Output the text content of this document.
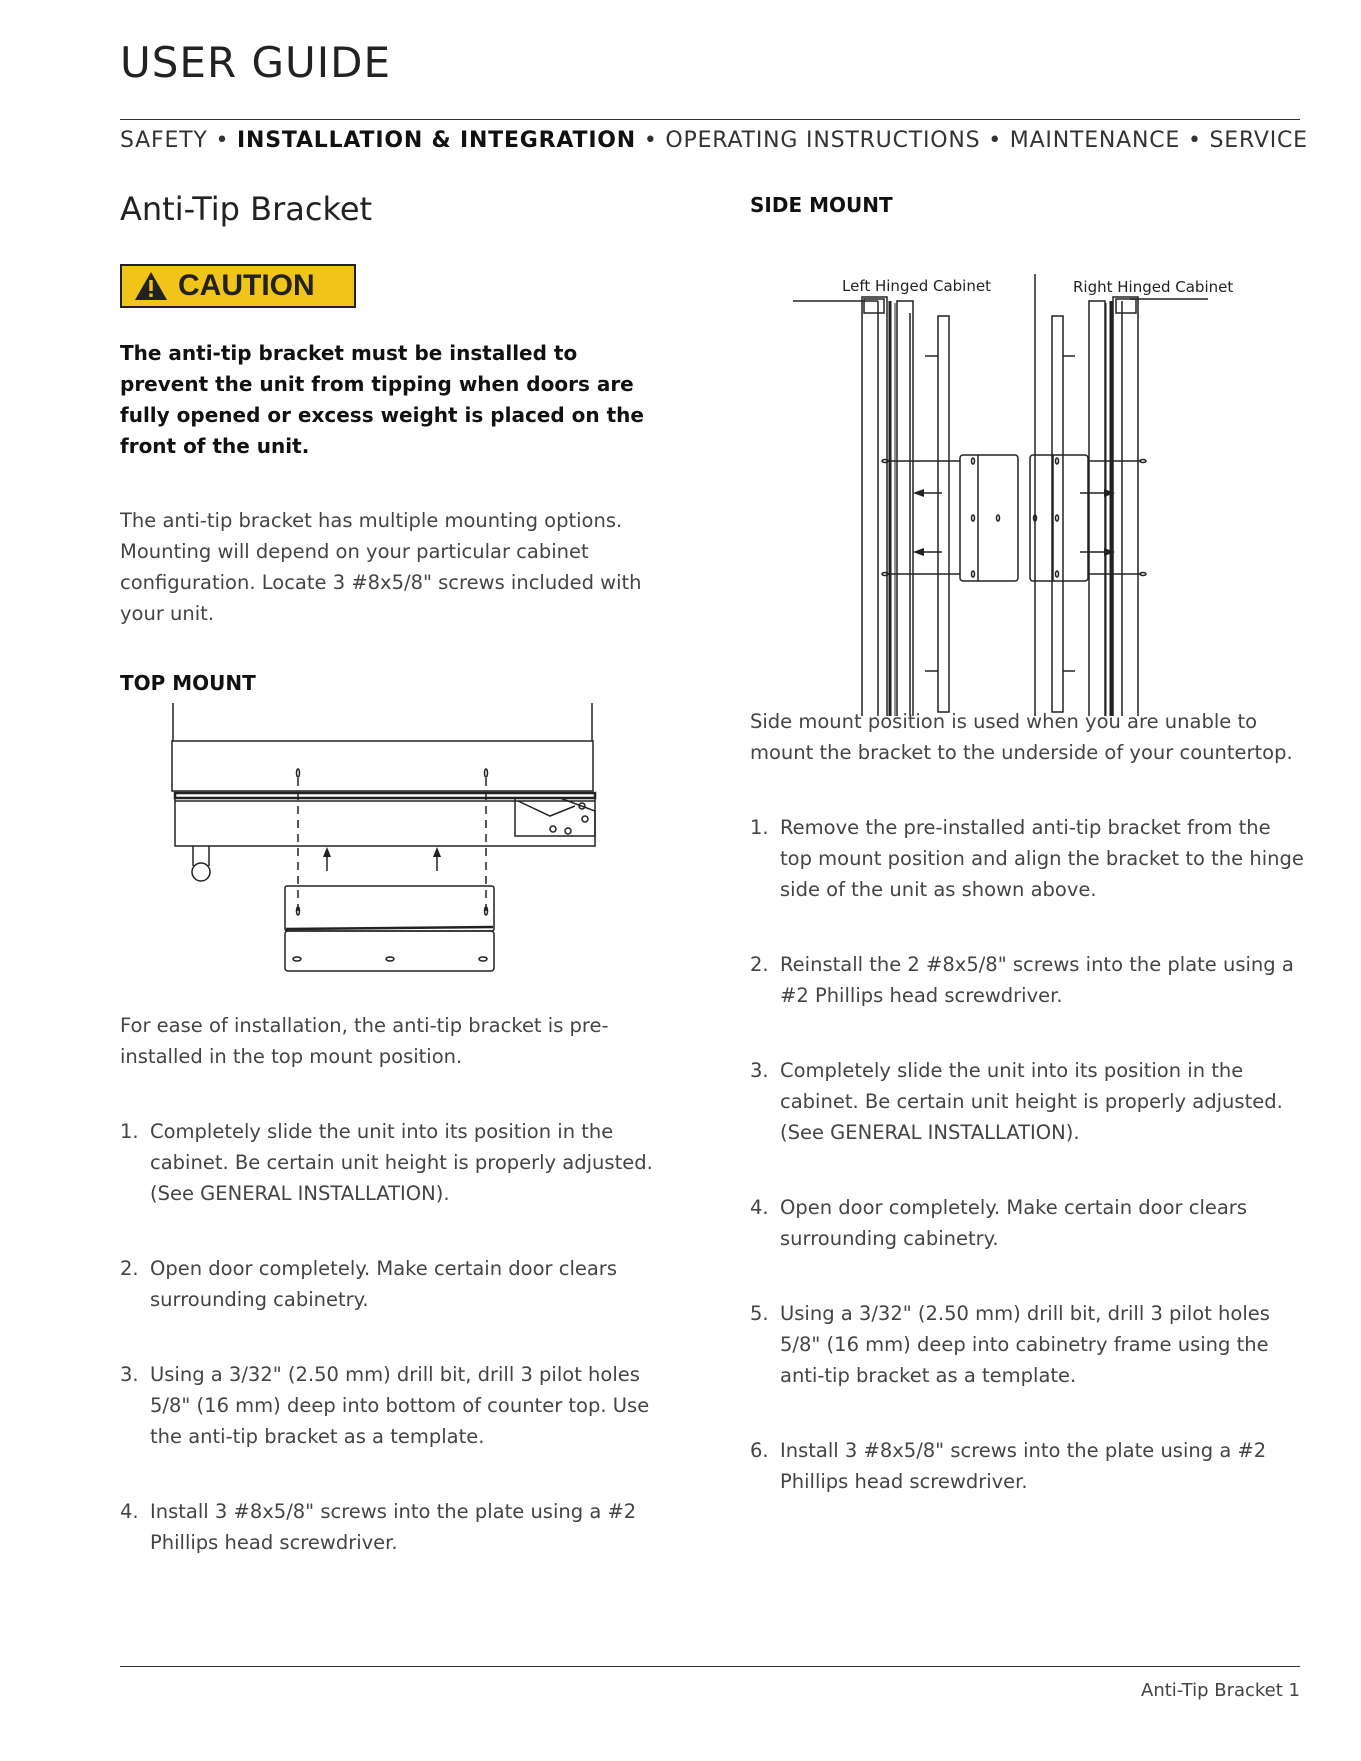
USER GUIDE
SAFETY • INSTALLATION & INTEGRATION • OPERATING INSTRUCTIONS • MAINTENANCE • SERVICE
Anti-Tip Bracket
CAUTION

The anti-tip bracket must be installed to prevent the unit from tipping when doors are fully opened or excess weight is placed on the front of the unit.

The anti-tip bracket has multiple mounting options. Mounting will depend on your particular cabinet configuration. Locate 3 #8x5/8" screws included with your unit.

TOP MOUNT

For ease of installation, the anti-tip bracket is pre-installed in the top mount position.

1. Completely slide the unit into its position in the cabinet. Be certain unit height is properly adjusted. (See GENERAL INSTALLATION).
2. Open door completely. Make certain door clears surrounding cabinetry.
3. Using a 3/32" (2.50 mm) drill bit, drill 3 pilot holes 5/8" (16 mm) deep into bottom of counter top. Use the anti-tip bracket as a template.
4. Install 3 #8x5/8" screws into the plate using a #2 Phillips head screwdriver.

SIDE MOUNT

Left Hinged Cabinet	Right Hinged Cabinet

Side mount position is used when you are unable to mount the bracket to the underside of your countertop.

1. Remove the pre-installed anti-tip bracket from the top mount position and align the bracket to the hinge side of the unit as shown above.
2. Reinstall the 2 #8x5/8" screws into the plate using a #2 Phillips head screwdriver.
3. Completely slide the unit into its position in the cabinet. Be certain unit height is properly adjusted. (See GENERAL INSTALLATION).
4. Open door completely. Make certain door clears surrounding cabinetry.
5. Using a 3/32" (2.50 mm) drill bit, drill 3 pilot holes 5/8" (16 mm) deep into cabinetry frame using the anti-tip bracket as a template.
6. Install 3 #8x5/8" screws into the plate using a #2 Phillips head screwdriver.
Anti-Tip Bracket 1
